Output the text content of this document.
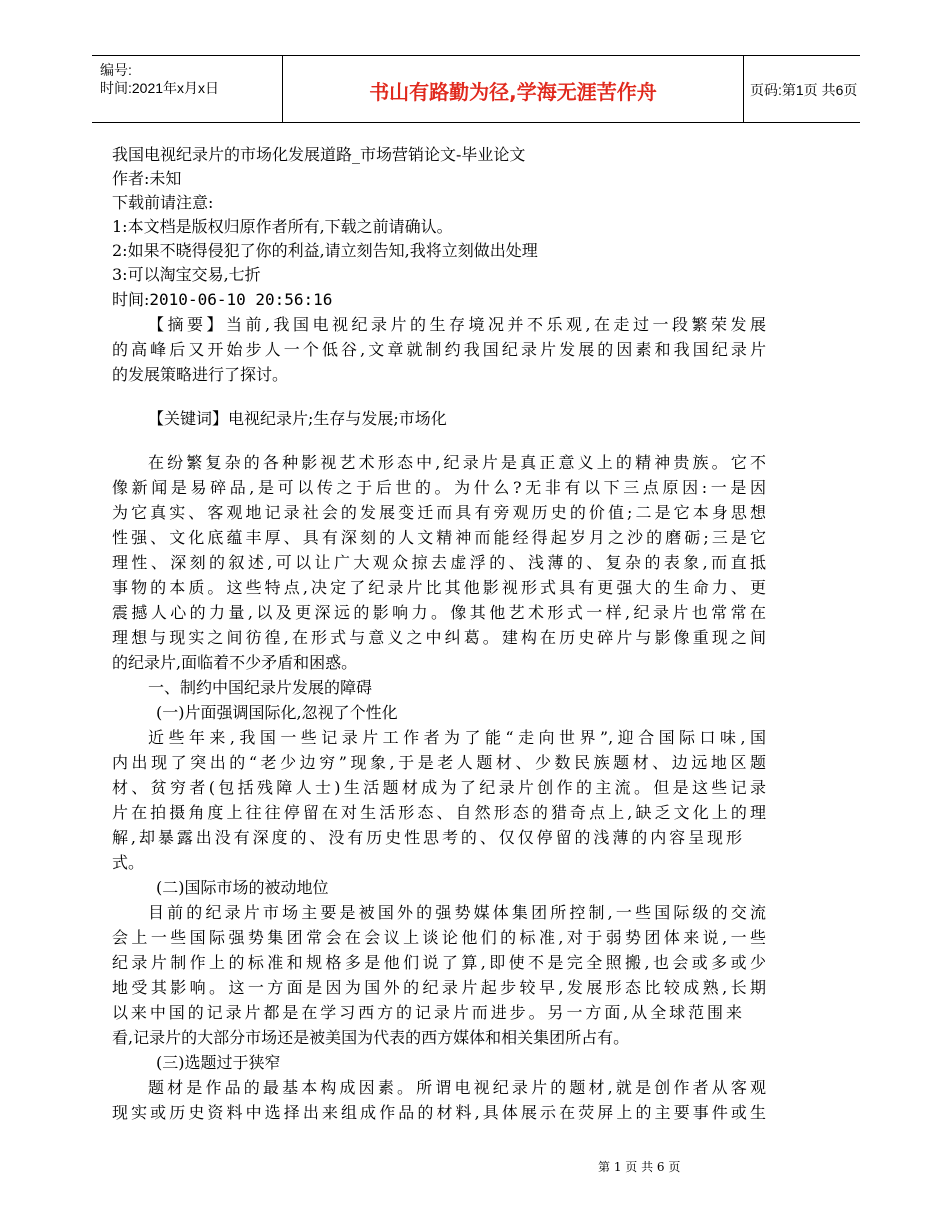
编号:
时间:2021年x月x日	书山有路勤为径,学海无涯苦作舟	页码:第1页 共6页
我国电视纪录片的市场化发展道路_市场营销论文-毕业论文
作者:未知
下载前请注意:
1:本文档是版权归原作者所有,下载之前请确认。
2:如果不晓得侵犯了你的利益,请立刻告知,我将立刻做出处理
3:可以淘宝交易,七折
时间:2010-06-10 20:56:16
【摘要】当前,我国电视纪录片的生存境况并不乐观,在走过一段繁荣发展
的高峰后又开始步人一个低谷,文章就制约我国纪录片发展的因素和我国纪录片
的发展策略进行了探讨。
【关键词】电视纪录片;生存与发展;市场化
在纷繁复杂的各种影视艺术形态中,纪录片是真正意义上的精神贵族。它不
像新闻是易碎品,是可以传之于后世的。为什么?无非有以下三点原因:一是因
为它真实、客观地记录社会的发展变迁而具有旁观历史的价值;二是它本身思想
性强、文化底蕴丰厚、具有深刻的人文精神而能经得起岁月之沙的磨砺;三是它
理性、深刻的叙述,可以让广大观众掠去虚浮的、浅薄的、复杂的表象,而直抵
事物的本质。这些特点,决定了纪录片比其他影视形式具有更强大的生命力、更
震撼人心的力量,以及更深远的影响力。像其他艺术形式一样,纪录片也常常在
理想与现实之间彷徨,在形式与意义之中纠葛。建构在历史碎片与影像重现之间
的纪录片,面临着不少矛盾和困惑。
一、制约中国纪录片发展的障碍
(一)片面强调国际化,忽视了个性化
近些年来,我国一些记录片工作者为了能“走向世界”,迎合国际口味,国
内出现了突出的“老少边穷”现象,于是老人题材、少数民族题材、边远地区题
材、贫穷者(包括残障人士)生活题材成为了纪录片创作的主流。但是这些记录
片在拍摄角度上往往停留在对生活形态、自然形态的猎奇点上,缺乏文化上的理
解,却暴露出没有深度的、没有历史性思考的、仅仅停留的浅薄的内容呈现形
式。
(二)国际市场的被动地位
目前的纪录片市场主要是被国外的强势媒体集团所控制,一些国际级的交流
会上一些国际强势集团常会在会议上谈论他们的标准,对于弱势团体来说,一些
纪录片制作上的标准和规格多是他们说了算,即使不是完全照搬,也会或多或少
地受其影响。这一方面是因为国外的纪录片起步较早,发展形态比较成熟,长期
以来中国的记录片都是在学习西方的记录片而进步。另一方面,从全球范围来
看,记录片的大部分市场还是被美国为代表的西方媒体和相关集团所占有。
(三)选题过于狭窄
题材是作品的最基本构成因素。所谓电视纪录片的题材,就是创作者从客观
现实或历史资料中选择出来组成作品的材料,具体展示在荧屏上的主要事件或生
第 1 页 共 6 页
